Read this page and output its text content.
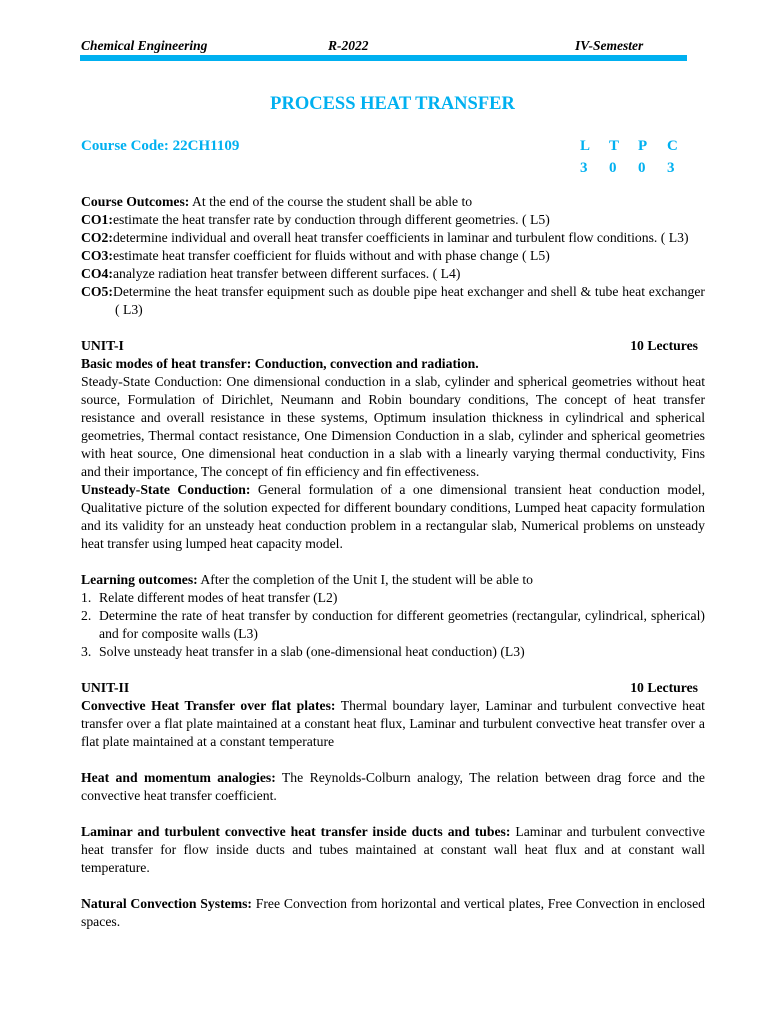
Chemical Engineering	R-2022	IV-Semester
PROCESS HEAT TRANSFER
Course Code: 22CH1109	L	T	P	C
3	0	0	3

Course Outcomes: At the end of the course the student shall be able to

CO1:estimate the heat transfer rate by conduction through different geometries. ( L5)

CO2:determine individual and overall heat transfer coefficients in laminar and turbulent flow conditions. ( L3)

CO3:estimate heat transfer coefficient for fluids without and with phase change ( L5)

CO4:analyze radiation heat transfer between different surfaces. ( L4)

CO5:Determine the heat transfer equipment such as double pipe heat exchanger and shell & tube heat exchanger ( L3)

UNIT-I	10 Lectures

Basic modes of heat transfer: Conduction, convection and radiation.

Steady-State Conduction: One dimensional conduction in a slab, cylinder and spherical geometries without heat source, Formulation of Dirichlet, Neumann and Robin boundary conditions, The concept of heat transfer resistance and overall resistance in these systems, Optimum insulation thickness in cylindrical and spherical geometries, Thermal contact resistance, One Dimension Conduction in a slab, cylinder and spherical geometries with heat source, One dimensional heat conduction in a slab with a linearly varying thermal conductivity, Fins and their importance, The concept of fin efficiency and fin effectiveness.

Unsteady-State Conduction: General formulation of a one dimensional transient heat conduction model, Qualitative picture of the solution expected for different boundary conditions, Lumped heat capacity formulation and its validity for an unsteady heat conduction problem in a rectangular slab, Numerical problems on unsteady heat transfer using lumped heat capacity model.

Learning outcomes: After the completion of the Unit I, the student will be able to

1. Relate different modes of heat transfer (L2)
2. Determine the rate of heat transfer by conduction for different geometries (rectangular, cylindrical, spherical) and for composite walls (L3)
3. Solve unsteady heat transfer in a slab (one-dimensional heat conduction) (L3)
UNIT-II	10 Lectures

Convective Heat Transfer over flat plates: Thermal boundary layer, Laminar and turbulent convective heat transfer over a flat plate maintained at a constant heat flux, Laminar and turbulent convective heat transfer over a flat plate maintained at a constant temperature

Heat and momentum analogies: The Reynolds-Colburn analogy, The relation between drag force and the convective heat transfer coefficient.

Laminar and turbulent convective heat transfer inside ducts and tubes: Laminar and turbulent convective heat transfer for flow inside ducts and tubes maintained at constant wall heat flux and at constant wall temperature.

Natural Convection Systems: Free Convection from horizontal and vertical plates, Free Convection in enclosed spaces.
